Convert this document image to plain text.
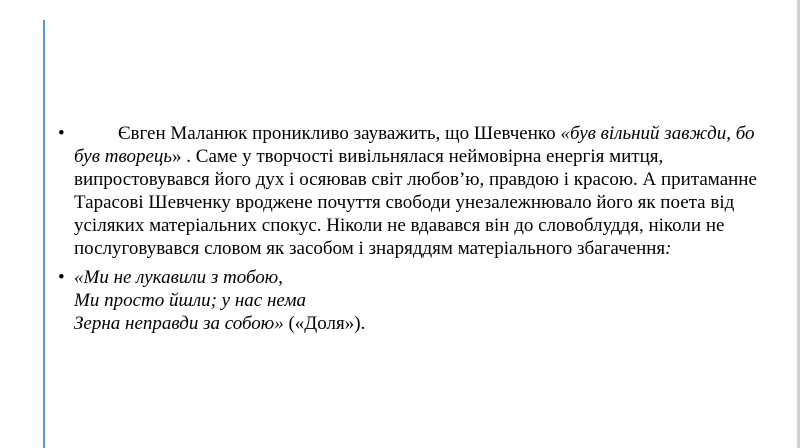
•	Євген Маланюк проникливо зауважить, що Шевченко «був вільний завжди, бо був творець» . Саме у творчості вивільнялася неймовірна енергія митця, випростовувався його дух і осяював світ любов’ю, правдою і красою. А притаманне Тарасові Шевченку вроджене почуття свободи унезалежнювало його як поета від усіляких матеріальних спокус. Ніколи не вдавався він до словоблуддя, ніколи не послуговувався словом як засобом і знаряддям матеріального збагачення:
• «Ми не лукавили з тобою,
Ми просто йшли; у нас нема
Зерна неправди за собою» («Доля»).
